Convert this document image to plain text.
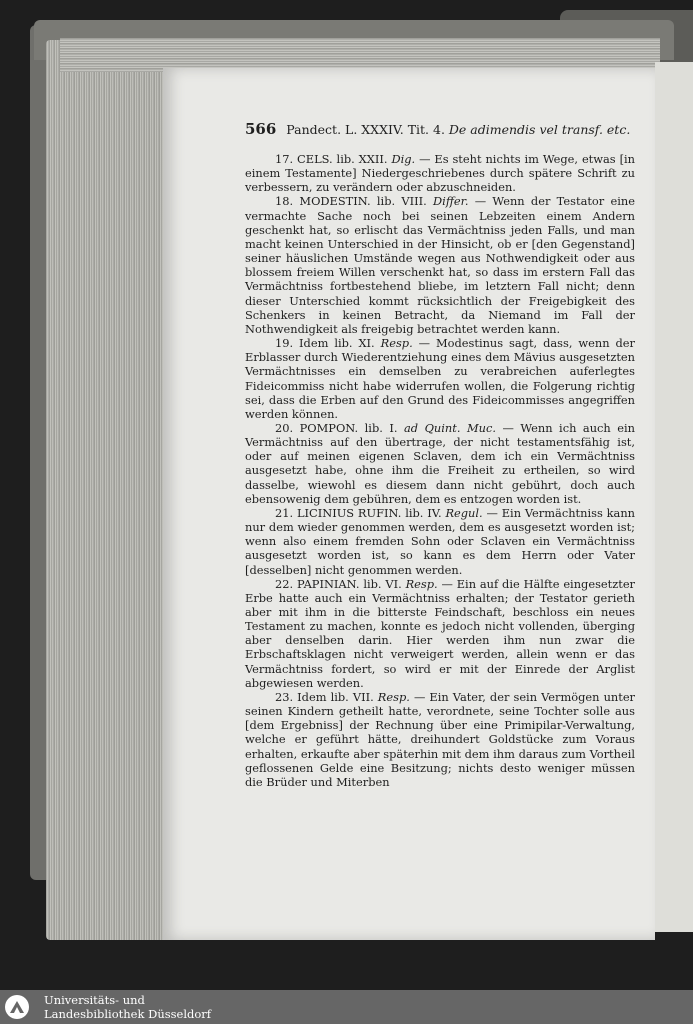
566 Pandect. L. XXXIV. Tit. 4. De adimendis vel transf. etc.

17. CELS. lib. XXII. Dig. — Es steht nichts im Wege, etwas [in einem Testamente] Niedergeschriebenes durch spätere Schrift zu verbessern, zu verändern oder abzuschneiden.

18. MODESTIN. lib. VIII. Differ. — Wenn der Testator eine vermachte Sache noch bei seinen Lebzeiten einem Andern geschenkt hat, so erlischt das Vermächtniss jeden Falls, und man macht keinen Unterschied in der Hinsicht, ob er [den Gegenstand] seiner häuslichen Umstände wegen aus Nothwendigkeit oder aus blossem freiem Willen verschenkt hat, so dass im erstern Fall das Vermächtniss fortbestehend bliebe, im letztern Fall nicht; denn dieser Unterschied kommt rücksichtlich der Freigebigkeit des Schenkers in keinen Betracht, da Niemand im Fall der Nothwendigkeit als freigebig betrachtet werden kann.

19. Idem lib. XI. Resp. — Modestinus sagt, dass, wenn der Erblasser durch Wiederentziehung eines dem Mävius ausgesetzten Vermächtnisses ein demselben zu verabreichen auferlegtes Fideicommiss nicht habe widerrufen wollen, die Folgerung richtig sei, dass die Erben auf den Grund des Fideicommisses angegriffen werden können.

20. POMPON. lib. I. ad Quint. Muc. — Wenn ich auch ein Vermächtniss auf den übertrage, der nicht testamentsfähig ist, oder auf meinen eigenen Sclaven, dem ich ein Vermächtniss ausgesetzt habe, ohne ihm die Freiheit zu ertheilen, so wird dasselbe, wiewohl es diesem dann nicht gebührt, doch auch ebensowenig dem gebühren, dem es entzogen worden ist.

21. LICINIUS RUFIN. lib. IV. Regul. — Ein Vermächtniss kann nur dem wieder genommen werden, dem es ausgesetzt worden ist; wenn also einem fremden Sohn oder Sclaven ein Vermächtniss ausgesetzt worden ist, so kann es dem Herrn oder Vater [desselben] nicht genommen werden.

22. PAPINIAN. lib. VI. Resp. — Ein auf die Hälfte eingesetzter Erbe hatte auch ein Vermächtniss erhalten; der Testator gerieth aber mit ihm in die bitterste Feindschaft, beschloss ein neues Testament zu machen, konnte es jedoch nicht vollenden, überging aber denselben darin. Hier werden ihm nun zwar die Erbschaftsklagen nicht verweigert werden, allein wenn er das Vermächtniss fordert, so wird er mit der Einrede der Arglist abgewiesen werden.

23. Idem lib. VII. Resp. — Ein Vater, der sein Vermögen unter seinen Kindern getheilt hatte, verordnete, seine Tochter solle aus [dem Ergebniss] der Rechnung über eine Primipilar-Verwaltung, welche er geführt hätte, dreihundert Goldstücke zum Voraus erhalten, erkaufte aber späterhin mit dem ihm daraus zum Vortheil geflossenen Gelde eine Besitzung; nichts desto weniger müssen die Brüder und Miterben

Universitäts- und
Landesbibliothek Düsseldorf
